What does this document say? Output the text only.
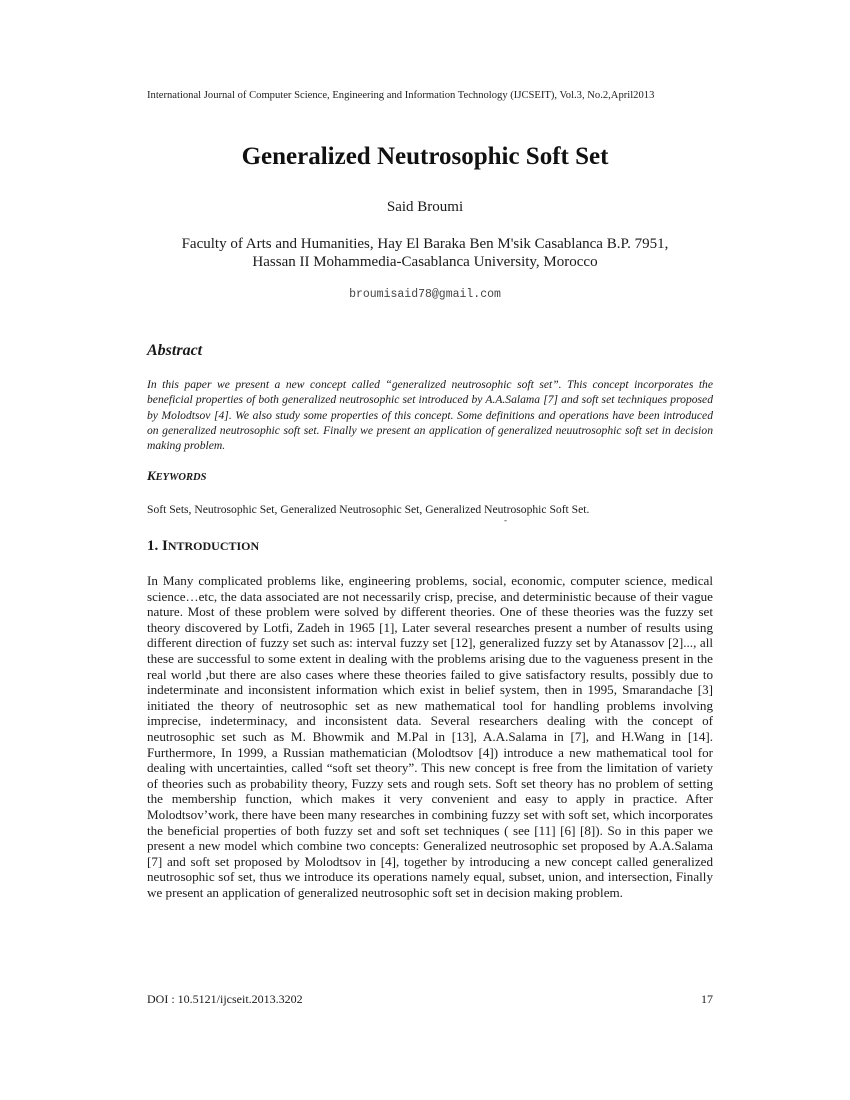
International Journal of Computer Science, Engineering and Information Technology (IJCSEIT), Vol.3, No.2,April2013
Generalized Neutrosophic Soft Set
Said Broumi
Faculty of Arts and Humanities, Hay El Baraka Ben M'sik Casablanca B.P. 7951,
Hassan II Mohammedia-Casablanca University, Morocco
broumisaid78@gmail.com
Abstract
In this paper we present a new concept called “generalized neutrosophic soft set”. This concept incorporates the beneficial properties of both generalized neutrosophic set introduced by A.A.Salama [7] and soft set techniques proposed by Molodtsov [4]. We also study some properties of this concept. Some definitions and operations have been introduced on generalized neutrosophic soft set. Finally we present an application of generalized neuutrosophic soft set in decision making problem.
KEYWORDS
Soft Sets, Neutrosophic Set, Generalized Neutrosophic Set, Generalized Neutrosophic Soft Set.
-
1. INTRODUCTION
In Many complicated problems like, engineering problems, social, economic, computer science, medical science…etc, the data associated are not necessarily crisp, precise, and deterministic because of their vague nature. Most of these problem were solved by different theories. One of these theories was the fuzzy set theory discovered by Lotfi, Zadeh in 1965 [1], Later several researches present a number of results using different direction of fuzzy set such as: interval fuzzy set [12], generalized fuzzy set by Atanassov [2]..., all these are successful to some extent in dealing with the problems arising due to the vagueness present in the real world ,but there are also cases where these theories failed to give satisfactory results, possibly due to indeterminate and inconsistent information which exist in belief system, then in 1995, Smarandache [3] initiated the theory of neutrosophic set as new mathematical tool for handling problems involving imprecise, indeterminacy, and inconsistent data. Several researchers dealing with the concept of neutrosophic set such as M. Bhowmik and M.Pal in [13], A.A.Salama in [7], and H.Wang in [14]. Furthermore, In 1999, a Russian mathematician (Molodtsov [4]) introduce a new mathematical tool for dealing with uncertainties, called “soft set theory”. This new concept is free from the limitation of variety of theories such as probability theory, Fuzzy sets and rough sets. Soft set theory has no problem of setting the membership function, which makes it very convenient and easy to apply in practice. After Molodtsov’work, there have been many researches in combining fuzzy set with soft set, which incorporates the beneficial properties of both fuzzy set and soft set techniques ( see [11] [6] [8]). So in this paper we present a new model which combine two concepts: Generalized neutrosophic set proposed by A.A.Salama [7] and soft set proposed by Molodtsov in [4], together by introducing a new concept called generalized neutrosophic sof set, thus we introduce its operations namely equal, subset, union, and intersection, Finally we present an application of generalized neutrosophic soft set in decision making problem.
DOI : 10.5121/ijcseit.2013.3202	17
